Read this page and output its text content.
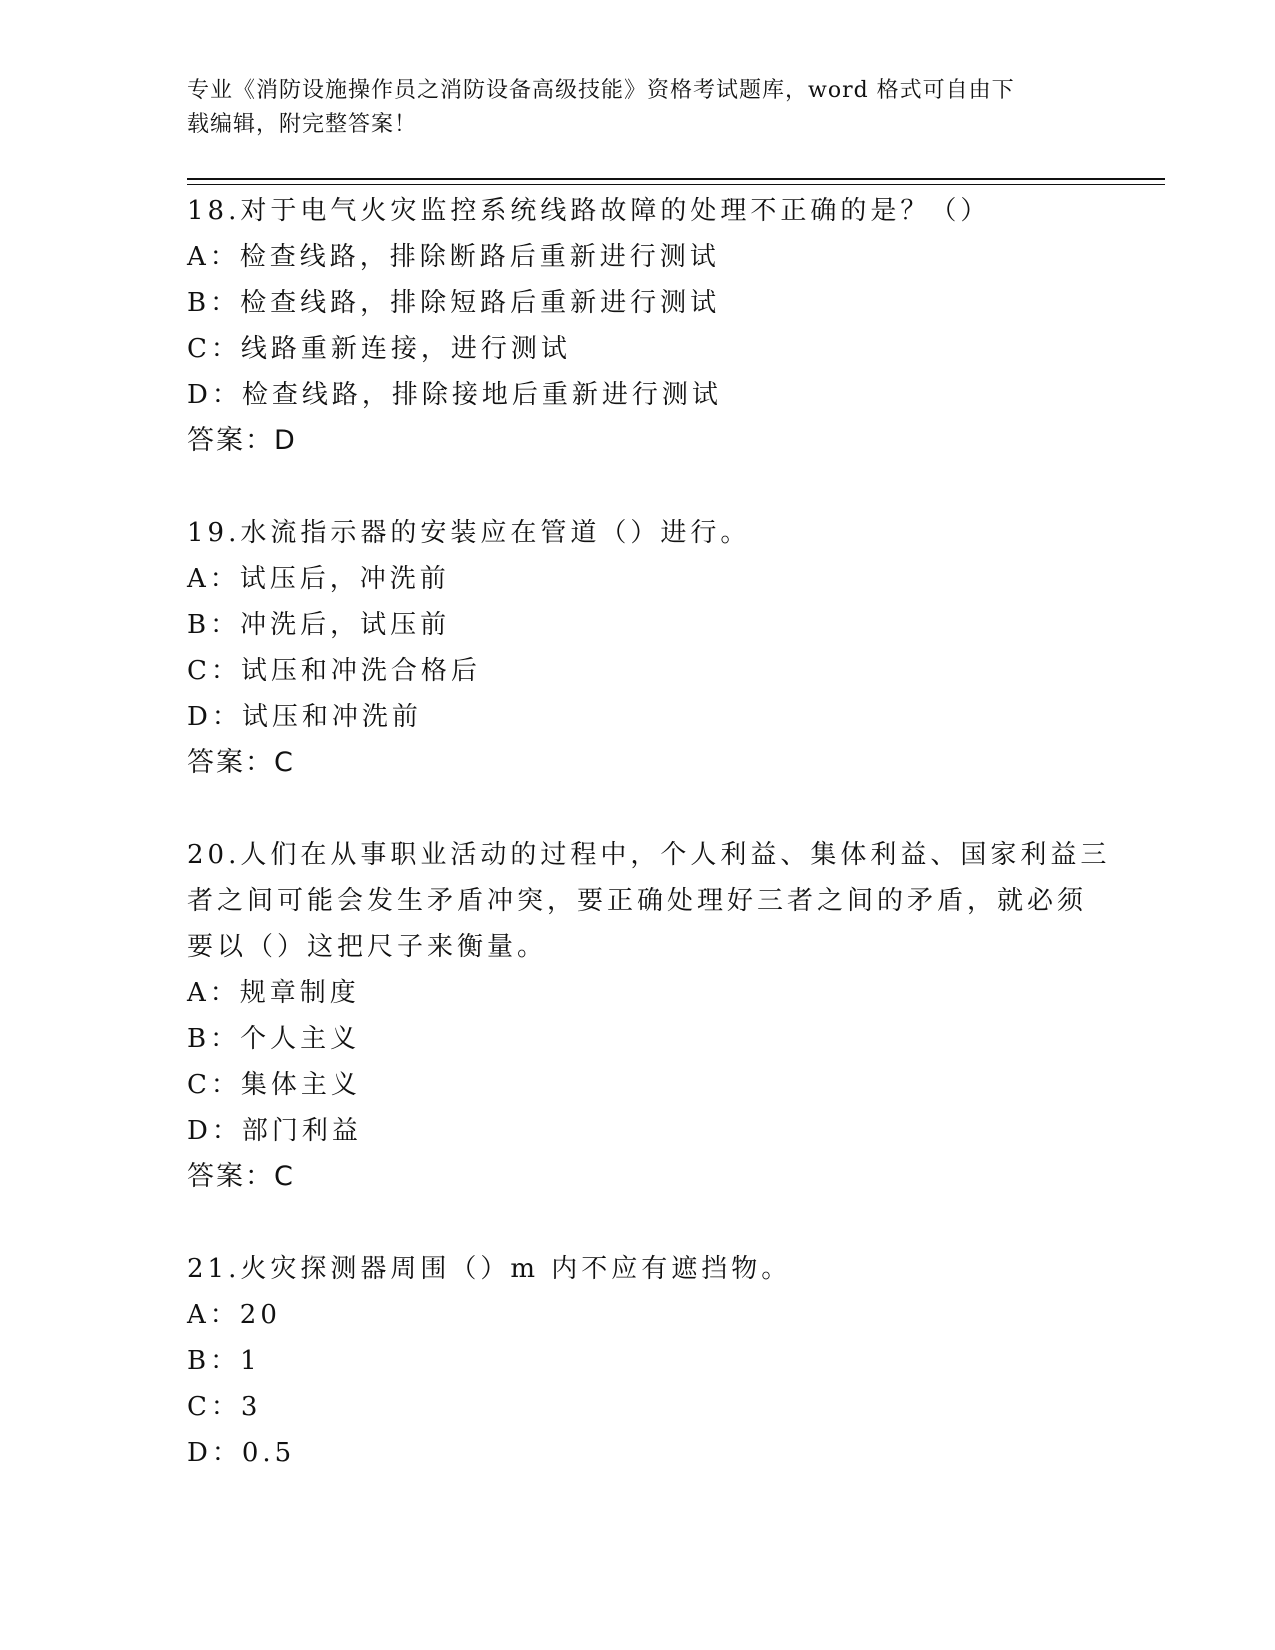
专业《消防设施操作员之消防设备高级技能》资格考试题库，word 格式可自由下
载编辑，附完整答案！
18.对于电气火灾监控系统线路故障的处理不正确的是？（）
A：检查线路，排除断路后重新进行测试
B：检查线路，排除短路后重新进行测试
C：线路重新连接，进行测试
D：检查线路，排除接地后重新进行测试
答案：D
19.水流指示器的安装应在管道（）进行。
A：试压后，冲洗前
B：冲洗后，试压前
C：试压和冲洗合格后
D：试压和冲洗前
答案：C
20.人们在从事职业活动的过程中，个人利益、集体利益、国家利益三
者之间可能会发生矛盾冲突，要正确处理好三者之间的矛盾，就必须
要以（）这把尺子来衡量。
A：规章制度
B：个人主义
C：集体主义
D：部门利益
答案：C
21.火灾探测器周围（）m 内不应有遮挡物。
A：20
B：1
C：3
D：0.5
